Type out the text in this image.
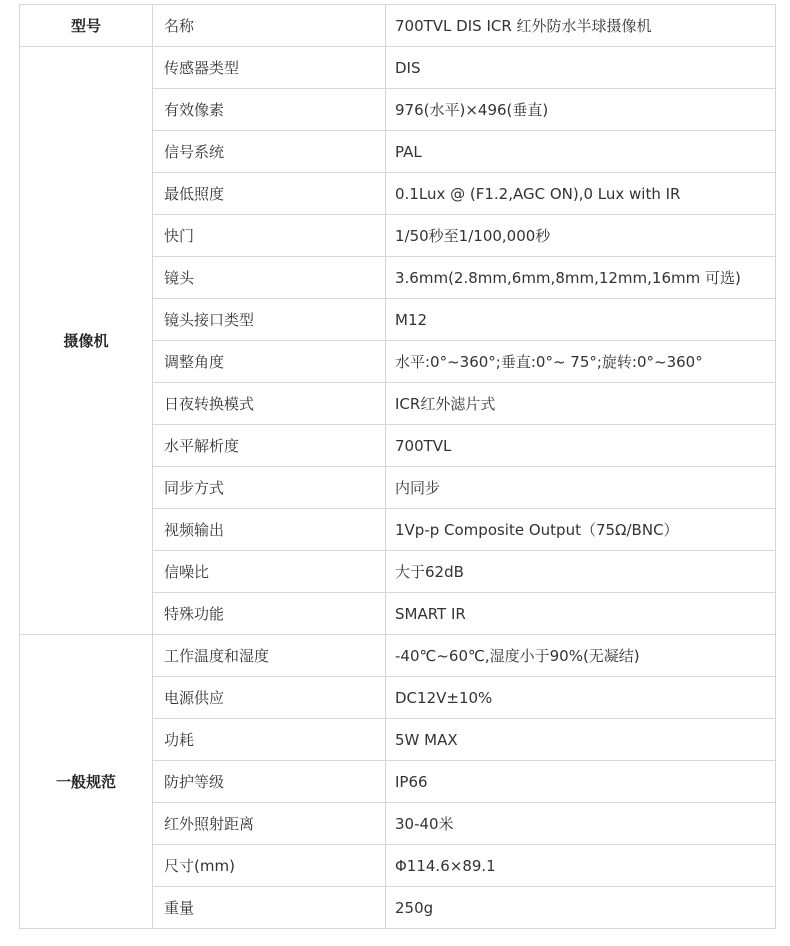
型号	名称	700TVL DIS ICR 红外防水半球摄像机
摄像机	传感器类型	DIS
	有效像素	976(水平)×496(垂直)
	信号系统	PAL
	最低照度	0.1Lux @ (F1.2,AGC ON),0 Lux with IR
	快门	1/50秒至1/100,000秒
	镜头	3.6mm(2.8mm,6mm,8mm,12mm,16mm 可选)
	镜头接口类型	M12
	调整角度	水平:0°~360°;垂直:0°~ 75°;旋转:0°~360°
	日夜转换模式	ICR红外滤片式
	水平解析度	700TVL
	同步方式	内同步
	视频输出	1Vp-p Composite Output（75Ω/BNC）
	信噪比	大于62dB
	特殊功能	SMART IR
一般规范	工作温度和湿度	-40℃~60℃,湿度小于90%(无凝结)
	电源供应	DC12V±10%
	功耗	5W MAX
	防护等级	IP66
	红外照射距离	30-40米
	尺寸(mm)	Φ114.6×89.1
	重量	250g
